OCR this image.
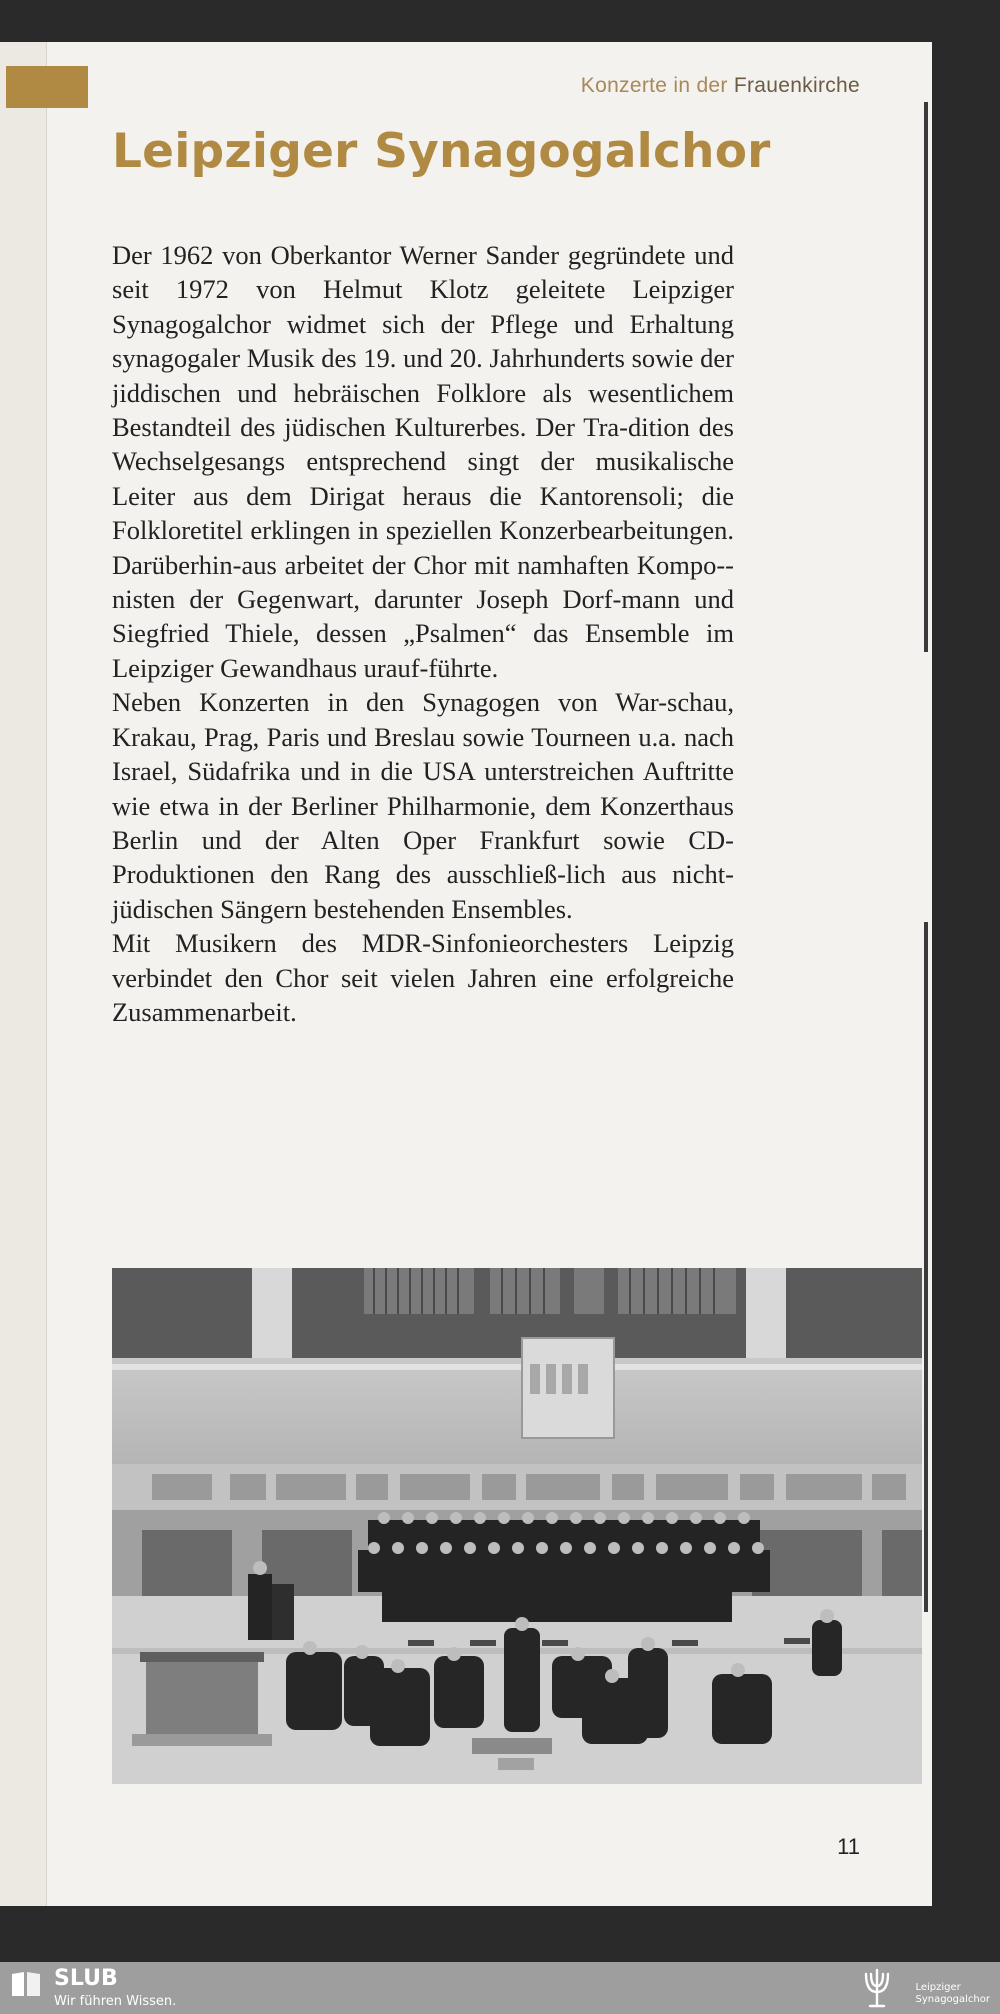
Konzerte in der Frauenkirche
Leipziger Synagogalchor

Der 1962 von Oberkantor Werner Sander gegründete und seit 1972 von Helmut Klotz geleitete Leipziger Synagogalchor widmet sich der Pflege und Erhaltung synagogaler Musik des 19. und 20. Jahrhunderts sowie der jiddischen und hebräischen Folklore als wesentlichem Bestandteil des jüdischen Kulturerbes. Der Tra-dition des Wechselgesangs entsprechend singt der musikalische Leiter aus dem Dirigat heraus die Kantorensoli; die Folkloretitel erklingen in speziellen Konzerbearbeitungen. Darüberhin-aus arbeitet der Chor mit namhaften Kompo-nisten der Gegenwart, darunter Joseph Dorf-mann und Siegfried Thiele, dessen „Psalmen“ das Ensemble im Leipziger Gewandhaus urauf-führte.

Neben Konzerten in den Synagogen von War-schau, Krakau, Prag, Paris und Breslau sowie Tourneen u.a. nach Israel, Südafrika und in die USA unterstreichen Auftritte wie etwa in der Berliner Philharmonie, dem Konzerthaus Berlin und der Alten Oper Frankfurt sowie CD-Produktionen den Rang des ausschließ-lich aus nicht-jüdischen Sängern bestehenden Ensembles.

Mit Musikern des MDR-Sinfonieorchesters Leipzig verbindet den Chor seit vielen Jahren eine erfolgreiche Zusammenarbeit.

11
SLUB
Wir führen Wissen.
Leipziger
Synagogalchor
